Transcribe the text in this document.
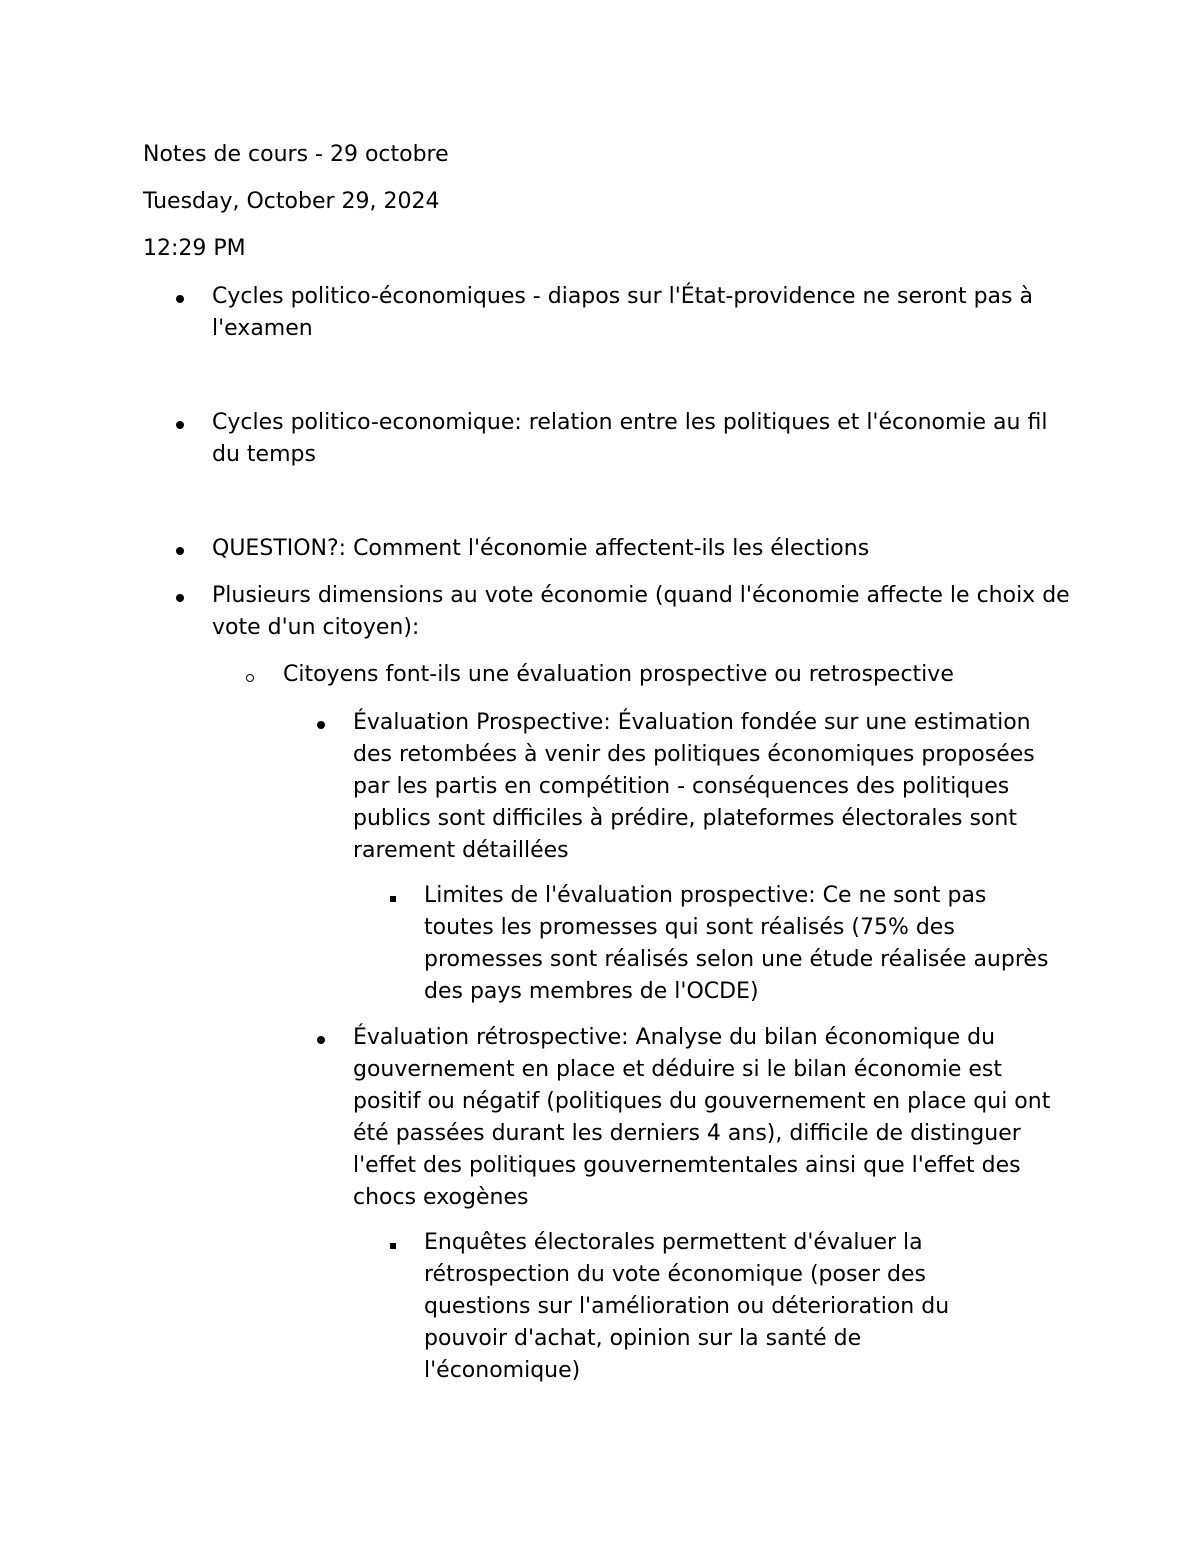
Notes de cours - 29 octobre

Tuesday, October 29, 2024

12:29 PM

Cycles politico-économiques - diapos sur l'État-providence ne seront pas à l'examen
Cycles politico-economique: relation entre les politiques et l'économie au fil du temps
QUESTION?: Comment l'économie affectent-ils les élections
Plusieurs dimensions au vote économie (quand l'économie affecte le choix de vote d'un citoyen):
Citoyens font-ils une évaluation prospective ou retrospective
Évaluation Prospective: Évaluation fondée sur une estimation des retombées à venir des politiques économiques proposées par les partis en compétition - conséquences des politiques publics sont difficiles à prédire, plateformes électorales sont rarement détaillées
Limites de l'évaluation prospective: Ce ne sont pas toutes les promesses qui sont réalisés (75% des promesses sont réalisés selon une étude réalisée auprès des pays membres de l'OCDE)
Évaluation rétrospective: Analyse du bilan économique du gouvernement en place et déduire si le bilan économie est positif ou négatif (politiques du gouvernement en place qui ont été passées durant les derniers 4 ans), difficile de distinguer l'effet des politiques gouvernemtentales ainsi que l'effet des chocs exogènes
Enquêtes électorales permettent d'évaluer la rétrospection du vote économique (poser des questions sur l'amélioration ou déterioration du pouvoir d'achat, opinion sur la santé de l'économique)
